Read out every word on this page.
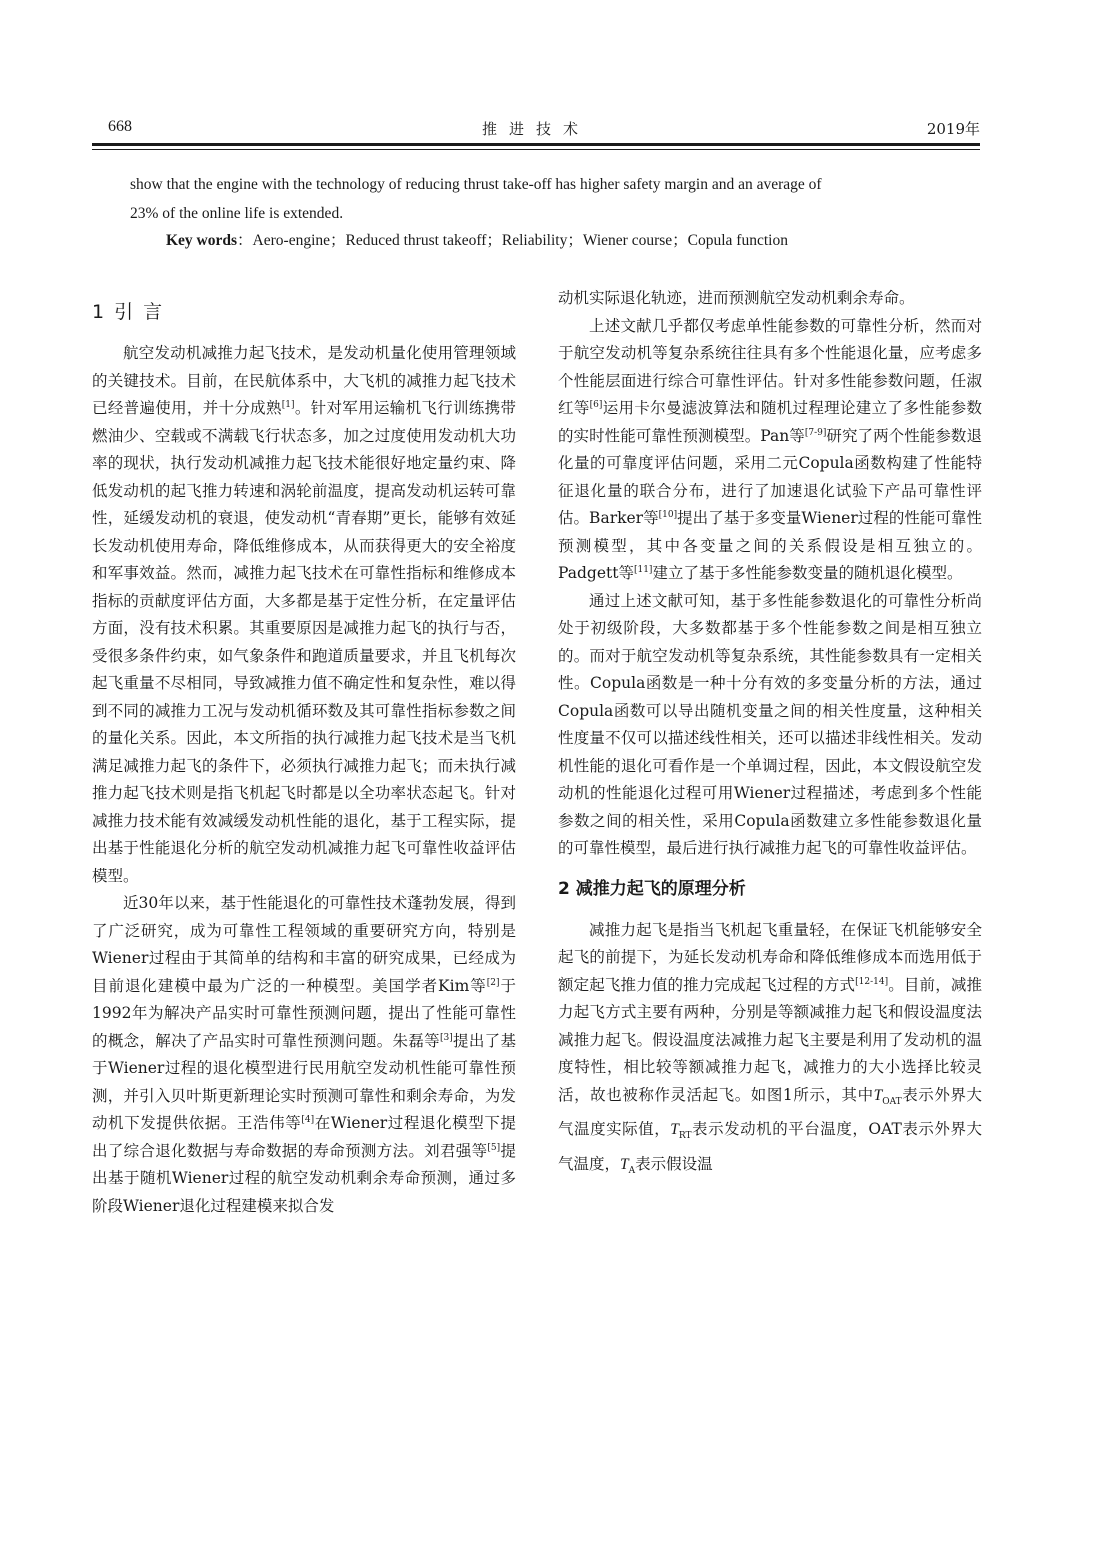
668	推进技术	2019年
show that the engine with the technology of reducing thrust take-off has higher safety margin and an average of
23% of the online life is extended.
Key words：Aero-engine；Reduced thrust takeoff；Reliability；Wiener course；Copula function
1 引 言

航空发动机减推力起飞技术，是发动机量化使用管理领域的关键技术。目前，在民航体系中，大飞机的减推力起飞技术已经普遍使用，并十分成熟[1]。针对军用运输机飞行训练携带燃油少、空载或不满载飞行状态多，加之过度使用发动机大功率的现状，执行发动机减推力起飞技术能很好地定量约束、降低发动机的起飞推力转速和涡轮前温度，提高发动机运转可靠性，延缓发动机的衰退，使发动机“青春期”更长，能够有效延长发动机使用寿命，降低维修成本，从而获得更大的安全裕度和军事效益。然而，减推力起飞技术在可靠性指标和维修成本指标的贡献度评估方面，大多都是基于定性分析，在定量评估方面，没有技术积累。其重要原因是减推力起飞的执行与否，受很多条件约束，如气象条件和跑道质量要求，并且飞机每次起飞重量不尽相同，导致减推力值不确定性和复杂性，难以得到不同的减推力工况与发动机循环数及其可靠性指标参数之间的量化关系。因此，本文所指的执行减推力起飞技术是当飞机满足减推力起飞的条件下，必须执行减推力起飞；而未执行减推力起飞技术则是指飞机起飞时都是以全功率状态起飞。针对减推力技术能有效减缓发动机性能的退化，基于工程实际，提出基于性能退化分析的航空发动机减推力起飞可靠性收益评估模型。

近30年以来，基于性能退化的可靠性技术蓬勃发展，得到了广泛研究，成为可靠性工程领域的重要研究方向，特别是Wiener过程由于其简单的结构和丰富的研究成果，已经成为目前退化建模中最为广泛的一种模型。美国学者Kim等[2]于1992年为解决产品实时可靠性预测问题，提出了性能可靠性的概念，解决了产品实时可靠性预测问题。朱磊等[3]提出了基于Wiener过程的退化模型进行民用航空发动机性能可靠性预测，并引入贝叶斯更新理论实时预测可靠性和剩余寿命，为发动机下发提供依据。王浩伟等[4]在Wiener过程退化模型下提出了综合退化数据与寿命数据的寿命预测方法。刘君强等[5]提出基于随机Wiener过程的航空发动机剩余寿命预测，通过多阶段Wiener退化过程建模来拟合发

动机实际退化轨迹，进而预测航空发动机剩余寿命。

上述文献几乎都仅考虑单性能参数的可靠性分析，然而对于航空发动机等复杂系统往往具有多个性能退化量，应考虑多个性能层面进行综合可靠性评估。针对多性能参数问题，任淑红等[6]运用卡尔曼滤波算法和随机过程理论建立了多性能参数的实时性能可靠性预测模型。Pan等[7-9]研究了两个性能参数退化量的可靠度评估问题，采用二元Copula函数构建了性能特征退化量的联合分布，进行了加速退化试验下产品可靠性评估。Barker等[10]提出了基于多变量Wiener过程的性能可靠性预测模型，其中各变量之间的关系假设是相互独立的。Padgett等[11]建立了基于多性能参数变量的随机退化模型。

通过上述文献可知，基于多性能参数退化的可靠性分析尚处于初级阶段，大多数都基于多个性能参数之间是相互独立的。而对于航空发动机等复杂系统，其性能参数具有一定相关性。Copula函数是一种十分有效的多变量分析的方法，通过Copula函数可以导出随机变量之间的相关性度量，这种相关性度量不仅可以描述线性相关，还可以描述非线性相关。发动机性能的退化可看作是一个单调过程，因此，本文假设航空发动机的性能退化过程可用Wiener过程描述，考虑到多个性能参数之间的相关性，采用Copula函数建立多性能参数退化量的可靠性模型，最后进行执行减推力起飞的可靠性收益评估。

2 减推力起飞的原理分析

减推力起飞是指当飞机起飞重量轻，在保证飞机能够安全起飞的前提下，为延长发动机寿命和降低维修成本而选用低于额定起飞推力值的推力完成起飞过程的方式[12-14]。目前，减推力起飞方式主要有两种，分别是等额减推力起飞和假设温度法减推力起飞。假设温度法减推力起飞主要是利用了发动机的温度特性，相比较等额减推力起飞，减推力的大小选择比较灵活，故也被称作灵活起飞。如图1所示，其中$T_{OAT}$表示外界大气温度实际值，$T_{RT}$表示发动机的平台温度，OAT表示外界大气温度，$T_A$表示假设温
